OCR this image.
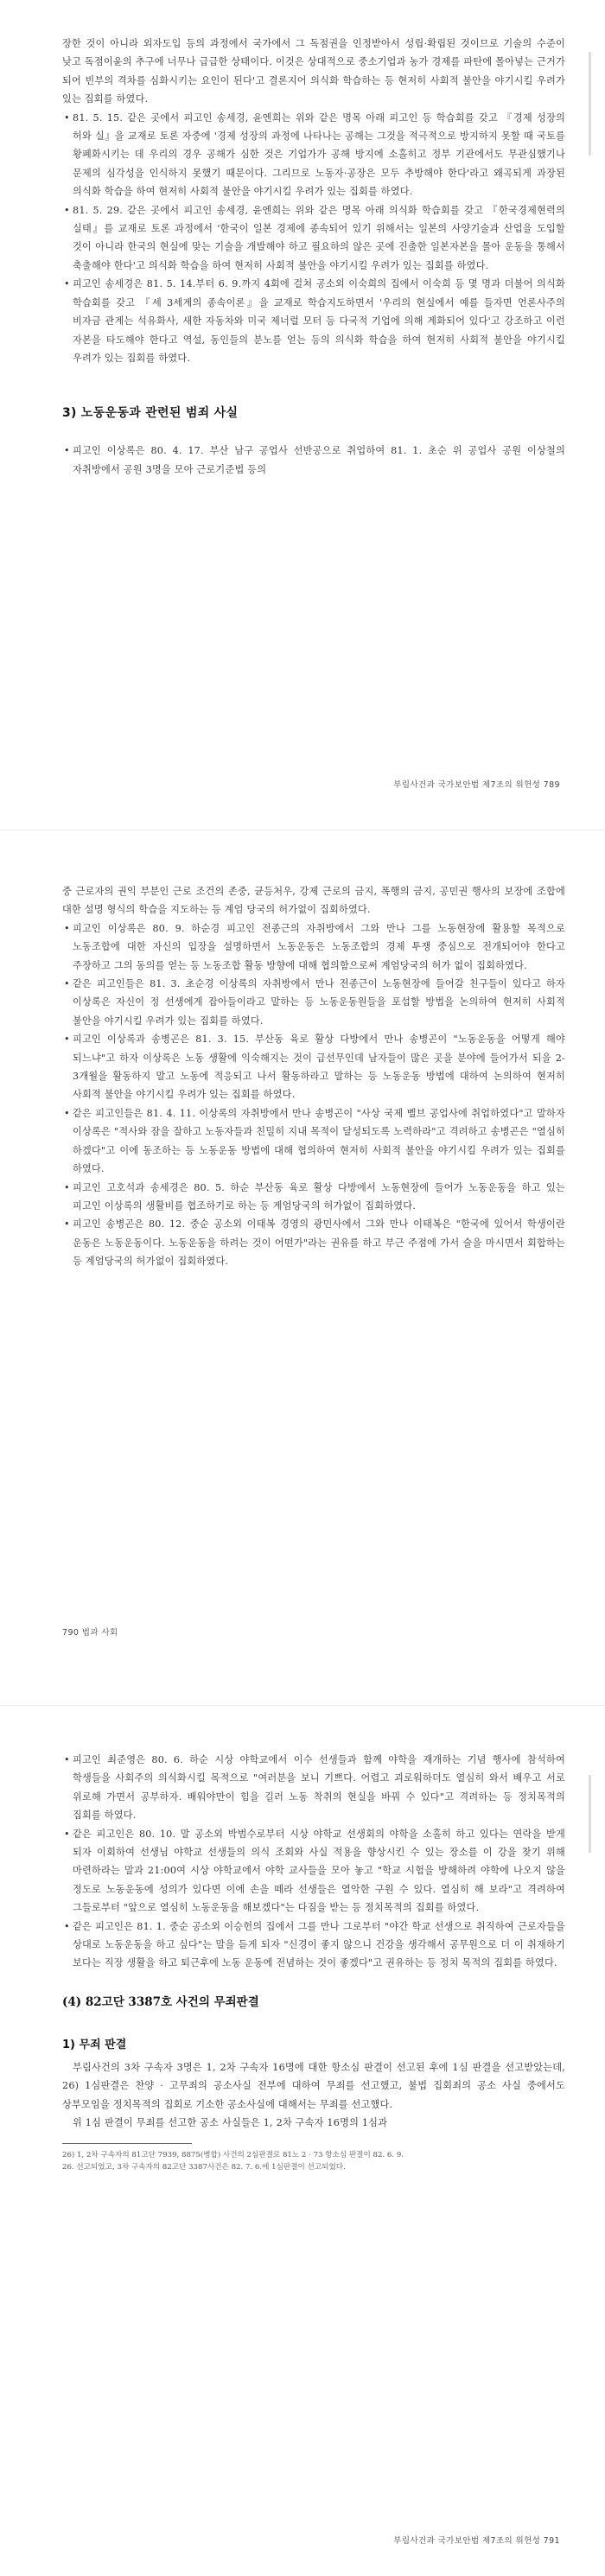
장한 것이 아니라 외자도입 등의 과정에서 국가에서 그 독점권을 인정받아서 성립·확립된 것이므로 기술의 수준이 낮고 독점이윤의 추구에 너무나 급급한 상태이다. 이것은 상대적으로 중소기업과 농가 경제를 파탄에 몰아넣는 근거가 되어 빈부의 격차를 심화시키는 요인이 된다'고 결론지어 의식화 학습하는 등 현저히 사회적 불안을 야기시킬 우려가 있는 집회를 하였다.

• 81. 5. 15. 같은 곳에서 피고인 송세경, 윤엔희는 위와 같은 명목 아래 피고인 등 학습회를 갖고 『경제 성장의 허와 실』을 교재로 토론 자중에 '경제 성장의 과정에 나타나는 공해는 그것을 적극적으로 방지하지 못할 때 국토를 황폐화시키는 데 우리의 경우 공해가 심한 것은 기업가가 공해 방지에 소홀히고 정부 기관에서도 무관심했기나 문제의 심각성을 인식하지 못했기 때문이다. 그리므로 노동자·공장은 모두 추방해야 한다'라고 왜곡되게 과장된 의식화 학습을 하여 현저히 사회적 불안을 야기시킬 우려가 있는 집회를 하였다.

• 81. 5. 29. 같은 곳에서 피고인 송세경, 윤엔희는 위와 같은 명목 아래 의식화 학습회를 갖고 『한국경제현력의 실태』를 교재로 토론 과정에서 '한국이 일본 경제에 종속되어 있기 위해서는 일본의 사양기술과 산업을 도입할 것이 아니라 한국의 현실에 맞는 기술을 개발해야 하고 필요하의 않은 곳에 진출한 일본자본을 몰아 운동을 통해서 축출해야 한다'고 의식화 학습을 하여 현저히 사회적 불안을 야기시킬 우려가 있는 집회를 하였다.

• 피고인 송세경은 81. 5. 14.부터 6. 9.까지 4회에 걸쳐 공소외 이숙희의 집에서 이숙희 등 몇 명과 더불어 의식화 학습회를 갖고 『세 3세계의 종속이론』을 교재로 학습지도하면서 '우리의 현실에서 예를 들자면 언론사주의 비자금 관계는 석유화사, 새한 자동차와 미국 제너럴 모터 등 다국적 기업에 의해 계화되어 있다'고 강조하고 이런 자본을 타도해야 한다고 역설, 동인들의 분노를 얻는 등의 의식화 학습을 하여 현저히 사회적 불안을 야기시킬 우려가 있는 집회를 하였다.

3) 노동운동과 관련된 범죄 사실

• 피고인 이상록은 80. 4. 17. 부산 남구 공업사 선반공으로 취업하여 81. 1. 초순 위 공업사 공원 이상철의 자취방에서 공원 3명을 모아 근로기준법 등의

부림사건과 국가보안법 제7조의 위헌성 789

중 근로자의 권익 부분인 근로 조건의 존중, 균등처우, 강제 근로의 금지, 폭행의 금지, 공민권 행사의 보장에 조합에 대한 설명 형식의 학습을 지도하는 등 계엄 당국의 허가없이 집회하였다.

• 피고인 이상록은 80. 9. 하순경 피고인 전종근의 자취방에서 그와 만나 그를 노동현장에 활용할 목적으로 노동조합에 대한 자신의 입장을 설명하면서 노동운동은 노동조합의 경제 투쟁 중심으로 전개되어야 한다고 주장하고 그의 동의를 얻는 등 노동조합 활동 방향에 대해 협의함으로써 계엄당국의 허가 없이 집회하였다.

• 같은 피고인들은 81. 3. 초순경 이상록의 자취방에서 만나 전종근이 노동현장에 들어갈 친구들이 있다고 하자 이상록은 자신이 정 선생에게 잡아들이라고 말하는 등 노동운동원들을 포섭할 방법을 논의하여 현저히 사회적 불안을 야기시킬 우려가 있는 집회를 하였다.

• 피고인 이상록과 송병곤은 81. 3. 15. 부산동 육로 활상 다방에서 만나 송병곤이 "노동운동을 어떻게 해야 되느냐"고 하자 이상록은 노동 생활에 익숙해지는 것이 급선무인데 남자들이 많은 곳을 분야에 들어가서 되을 2-3개월을 활동하지 말고 노동에 적응되고 나서 활동하라고 말하는 등 노동운동 방법에 대하여 논의하여 현저히 사회적 불안을 야기시킬 우려가 있는 집회를 하였다.

• 같은 피고인들은 81. 4. 11. 이상록의 자취방에서 만나 송병곤이 "사상 국제 벨브 공업사에 취업하였다"고 말하자 이상록은 "적사와 잠을 잘하고 노동자들과 친밀히 지내 목적이 달성되도록 노력하라"고 격려하고 송병곤은 "열심히 하겠다"고 이에 동조하는 등 노동운동 방법에 대해 협의하여 현저히 사회적 불안을 야기시킬 우려가 있는 집회를 하였다.

• 피고인 고호석과 송세경은 80. 5. 하순 부산동 육로 활상 다방에서 노동현장에 들어가 노동운동을 하고 있는 피고인 이상록의 생활비를 협조하기로 하는 등 계엄당국의 허가없이 집회하였다.

• 피고인 송병곤은 80. 12. 중순 공소외 이태복 경영의 광민사에서 그와 만나 이태복은 "한국에 있어서 학생이란 운동은 노동운동이다. 노동운동을 하려는 것이 어떤가"라는 권유를 하고 부근 주점에 가서 술을 마시면서 회합하는 등 계엄당국의 허가없이 집회하였다.

790 법과 사회

• 피고인 최준영은 80. 6. 하순 시상 야학교에서 이수 선생들과 함께 야학을 재개하는 기념 행사에 참석하여 학생들을 사회주의 의식화시킬 목적으로 "여러분을 보니 기쁘다. 어렵고 괴로워하더도 열심히 와서 배우고 서로 위로해 가면서 공부하자. 배워야만이 힘을 길러 노동 착취의 현실을 바꿔 수 있다"고 격려하는 등 정치목적의 집회를 하였다.

• 같은 피고인은 80. 10. 말 공소외 박범수로부터 시상 야학교 선생회의 야학을 소홀히 하고 있다는 연락을 받게 되자 이회하여 선생님 야학교 선생들의 의식 조회와 사실 적용을 향상시킨 수 있는 장소를 이 강을 찾기 위해 마련하라는 말과 21:00여 시상 야학교에서 야학 교사들을 모아 놓고 "학교 시험을 방해하려 야학에 나오지 않을 정도로 노동운동에 성의가 있다면 이에 손을 떼라 선생들은 열악한 구원 수 있다. 열심히 해 보라"고 격려하여 그들로부터 "앞으로 열심히 노동운동을 해보겠다"는 다짐을 받는 등 정치목적의 집회를 하였다.

• 같은 피고인은 81. 1. 중순 공소외 이승헌의 집에서 그를 만나 그로부터 "야간 학교 선생으로 취직하여 근로자들을 상대로 노동운동을 하고 싶다"는 말을 듣게 되자 "신경이 좋지 않으니 건강을 생각해서 공무원으로 더 이 취재하기 보다는 직장 생활을 하고 퇴근후에 노동 운동에 전념하는 것이 좋겠다"고 권유하는 등 정치 목적의 집회를 하였다.

(4) 82고단 3387호 사건의 무죄판결
1) 무죄 판결

부림사건의 3차 구속자 3명은 1, 2차 구속자 16명에 대한 항소심 판결이 선고된 후에 1심 판결을 선고받았는데, 26) 1심판결은 찬양 · 고무죄의 공소사실 전부에 대하여 무죄를 선고했고, 불법 집회죄의 공소 사실 중에서도 상부모임을 정치목적의 집회로 기소한 공소사실에 대해서는 무죄를 선고했다.

위 1심 판결이 무죄를 선고한 공소 사실들은 1, 2차 구속자 16명의 1심과

26) 1, 2차 구속자의 81고단 7939, 8875(병합) 사건의 2심판결로 81노 2 · 73 항소심 판결이 82. 6. 9.

26. 선고되었고, 3차 구속자의 82고단 3387사건은 82. 7. 6.에 1심판결이 선고되었다.

부림사건과 국가보안법 제7조의 위헌성 791
